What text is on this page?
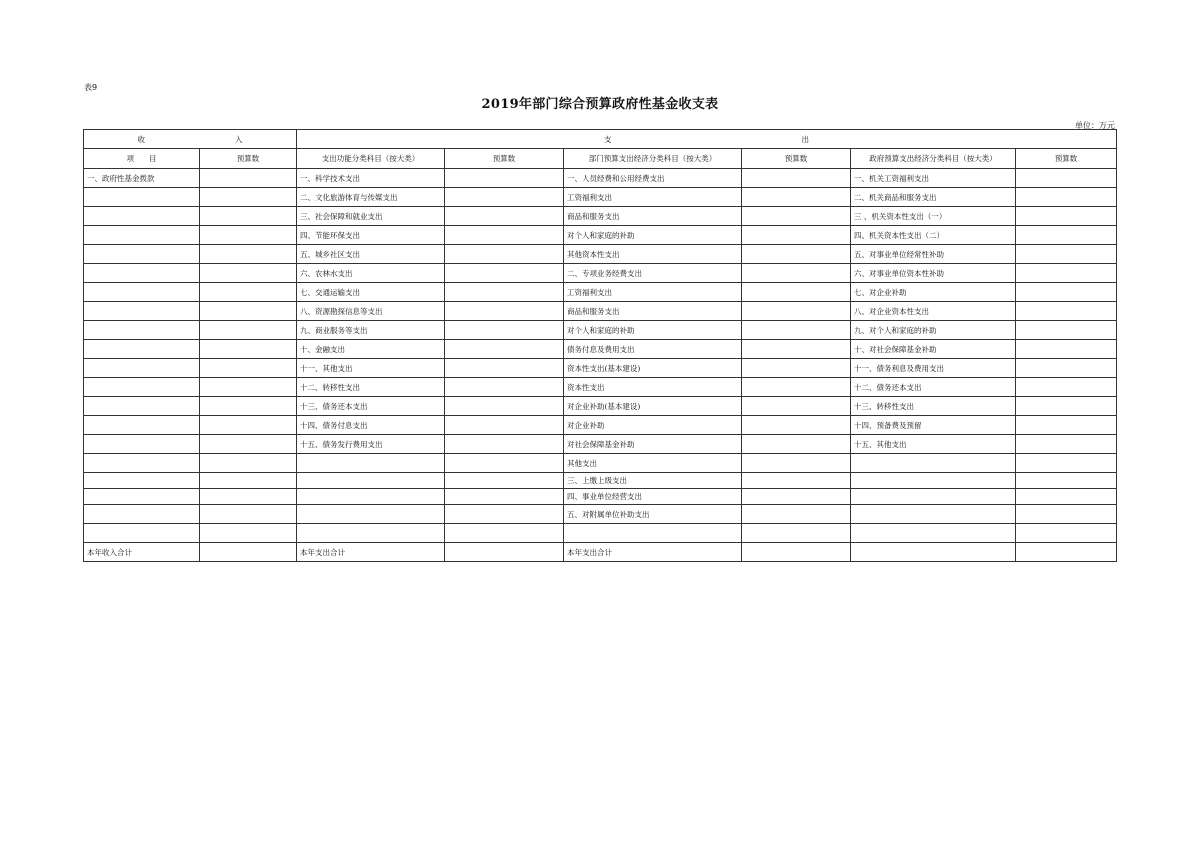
表9
2019年部门综合预算政府性基金收支表
单位：万元
收 入		支 出					
项　　目	预算数	支出功能分类科目（按大类）	预算数	部门预算支出经济分类科目（按大类）	预算数	政府预算支出经济分类科目（按大类）	预算数
一、政府性基金拨款		一、科学技术支出		一、人员经费和公用经费支出		一、机关工资福利支出	
		二、文化旅游体育与传媒支出		工资福利支出		二、机关商品和服务支出	
		三、社会保障和就业支出		商品和服务支出		三 、机关资本性支出（一）	
		四、节能环保支出		对个人和家庭的补助		四、机关资本性支出（二）	
		五、城乡社区支出		其他资本性支出		五、对事业单位经常性补助	
		六、农林水支出		二、专项业务经费支出		六、对事业单位资本性补助	
		七、交通运输支出		工资福利支出		七、对企业补助	
		八、资源勘探信息等支出		商品和服务支出		八、对企业资本性支出	
		九、商业服务等支出		对个人和家庭的补助		九、对个人和家庭的补助	
		十、金融支出		债务付息及费用支出		十、对社会保障基金补助	
		十一、其他支出		资本性支出(基本建设)		十一、债务利息及费用支出	
		十二、转移性支出		资本性支出		十二、债务还本支出	
		十三、债务还本支出		对企业补助(基本建设)		十三、转移性支出	
		十四、债务付息支出		对企业补助		十四、预备费及预留	
		十五、债务发行费用支出		对社会保障基金补助		十五、其他支出	
				其他支出			
				三、上缴上级支出			
				四、事业单位经营支出			
				五、对附属单位补助支出			

本年收入合计		本年支出合计		本年支出合计			
